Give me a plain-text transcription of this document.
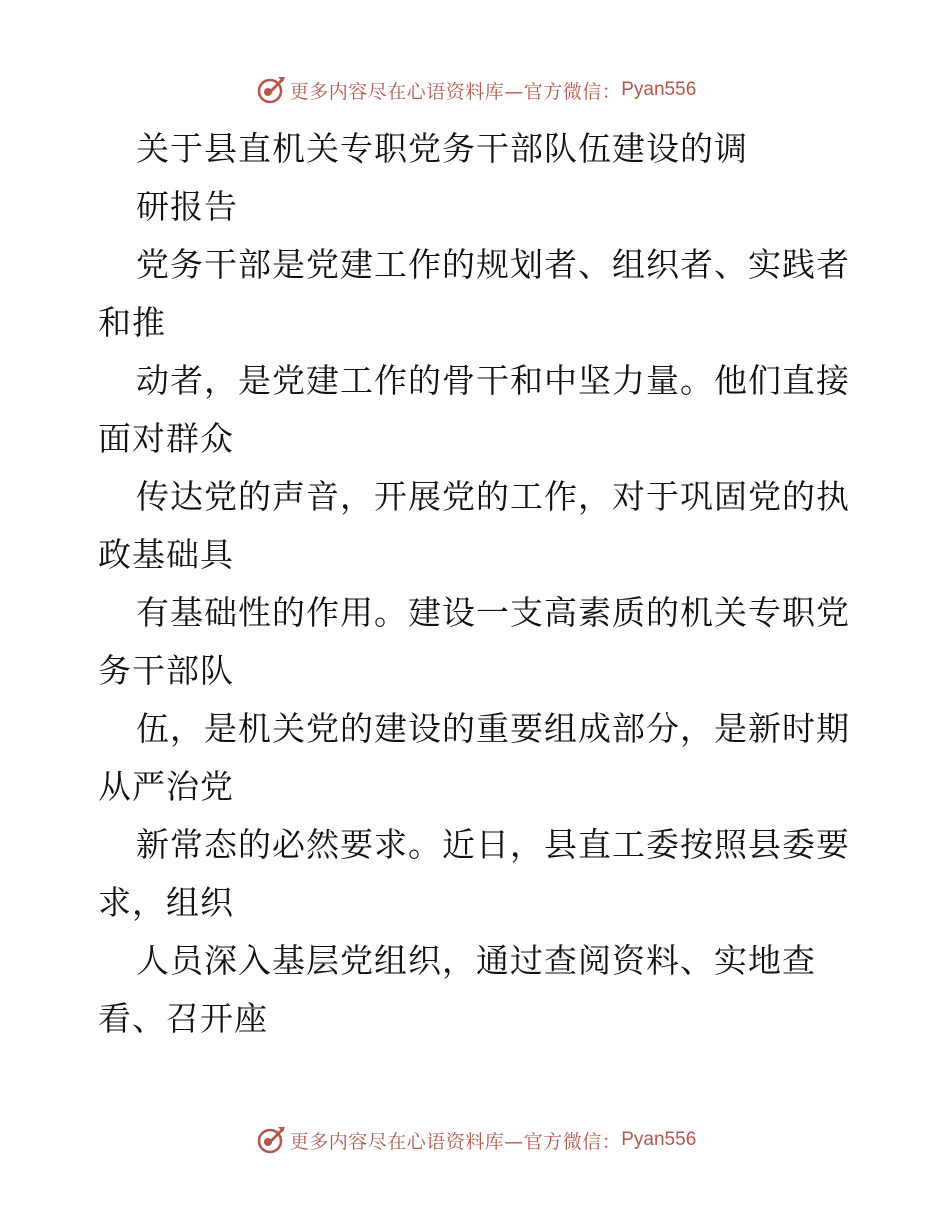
更多内容尽在心语资料库—官方微信： Pyan556
关于县直机关专职党务干部队伍建设的调
研报告
党务干部是党建工作的规划者、组织者、实践者
和推
动者，是党建工作的骨干和中坚力量。他们直接
面对群众
传达党的声音，开展党的工作，对于巩固党的执
政基础具
有基础性的作用。建设一支高素质的机关专职党
务干部队
伍，是机关党的建设的重要组成部分，是新时期
从严治党
新常态的必然要求。近日，县直工委按照县委要
求，组织
人员深入基层党组织，通过查阅资料、实地查
看、召开座
更多内容尽在心语资料库—官方微信： Pyan556
